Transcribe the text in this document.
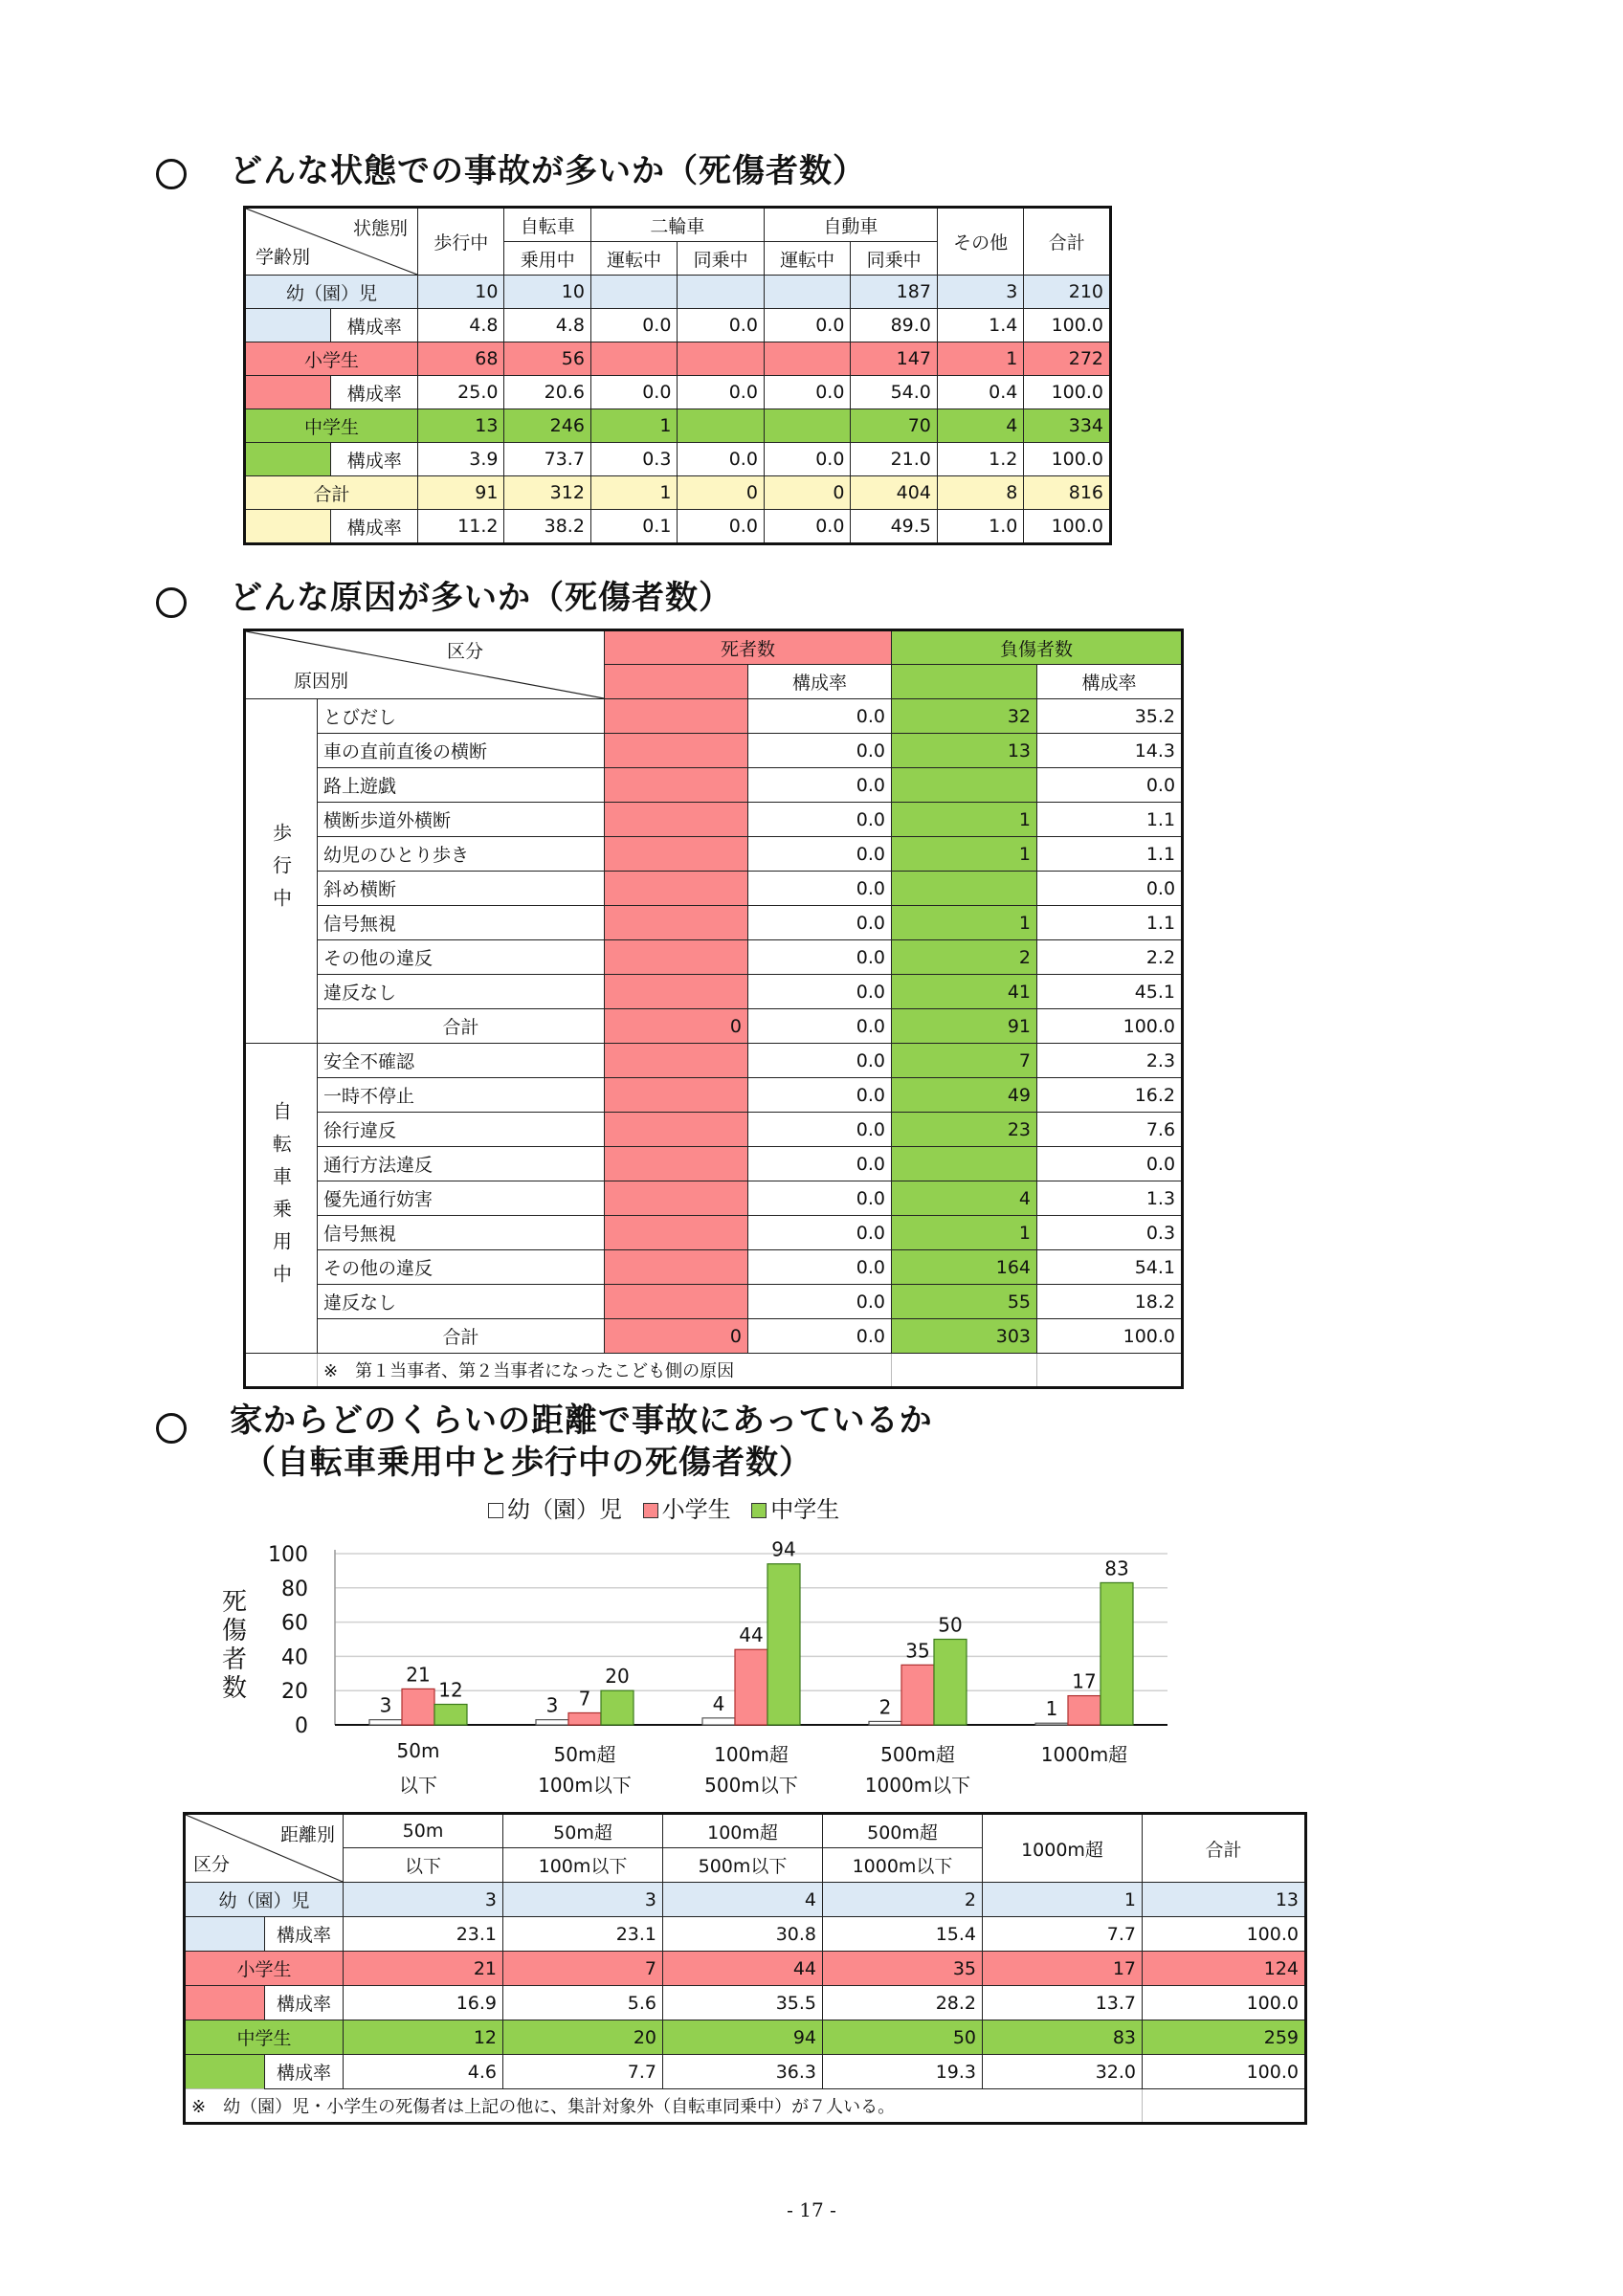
どんな状態での事故が多いか（死傷者数）
状態別
学齢別		歩行中	自転車	二輪車		自動車		その他	合計
			乗用中	運転中	同乗中	運転中	同乗中		
幼（園）児		10	10				187	3	210
	構成率	4.8	4.8	0.0	0.0	0.0	89.0	1.4	100.0
小学生		68	56				147	1	272
	構成率	25.0	20.6	0.0	0.0	0.0	54.0	0.4	100.0
中学生		13	246	1			70	4	334
	構成率	3.9	73.7	0.3	0.0	0.0	21.0	1.2	100.0
合計		91	312	1	0	0	404	8	816
	構成率	11.2	38.2	0.1	0.0	0.0	49.5	1.0	100.0
どんな原因が多いか（死傷者数）
区分
原因別		死者数		負傷者数	
			構成率		構成率

歩行中	とびだし		0.0	32	35.2
	車の直前直後の横断		0.0	13	14.3
	路上遊戯		0.0		0.0
	横断歩道外横断		0.0	1	1.1
	幼児のひとり歩き		0.0	1	1.1
	斜め横断		0.0		0.0
	信号無視		0.0	1	1.1
	その他の違反		0.0	2	2.2
	違反なし		0.0	41	45.1
	合計	0	0.0	91	100.0

自転車乗用中	安全不確認		0.0	7	2.3
	一時不停止		0.0	49	16.2
	徐行違反		0.0	23	7.6
	通行方法違反		0.0		0.0
	優先通行妨害		0.0	4	1.3
	信号無視		0.0	1	0.3
	その他の違反		0.0	164	54.1
	違反なし		0.0	55	18.2
	合計	0	0.0	303	100.0
	※　第１当事者、第２当事者になったこども側の原因				
家からどのくらいの距離で事故にあっているか
（自転車乗用中と歩行中の死傷者数）
幼（園）児 小学生 中学生
死
傷
者
数
0
20
40
60
80
100
3
21
12
3 7
20
4
44
94
2
35
50
1
17
83
50m
以下
50m超
100m以下
100m超
500m以下
500m超
1000m以下
1000m超
距離別
区分		50m	50m超	100m超	500m超	1000m超	合計
		以下	100m以下	500m以下	1000m以下		
幼（園）児		3	3	4	2	1	13
	構成率	23.1	23.1	30.8	15.4	7.7	100.0
小学生		21	7	44	35	17	124
	構成率	16.9	5.6	35.5	28.2	13.7	100.0
中学生		12	20	94	50	83	259
	構成率	4.6	7.7	36.3	19.3	32.0	100.0
※　幼（園）児・小学生の死傷者は上記の他に、集計対象外（自転車同乗中）が７人いる。							
- 17 -
